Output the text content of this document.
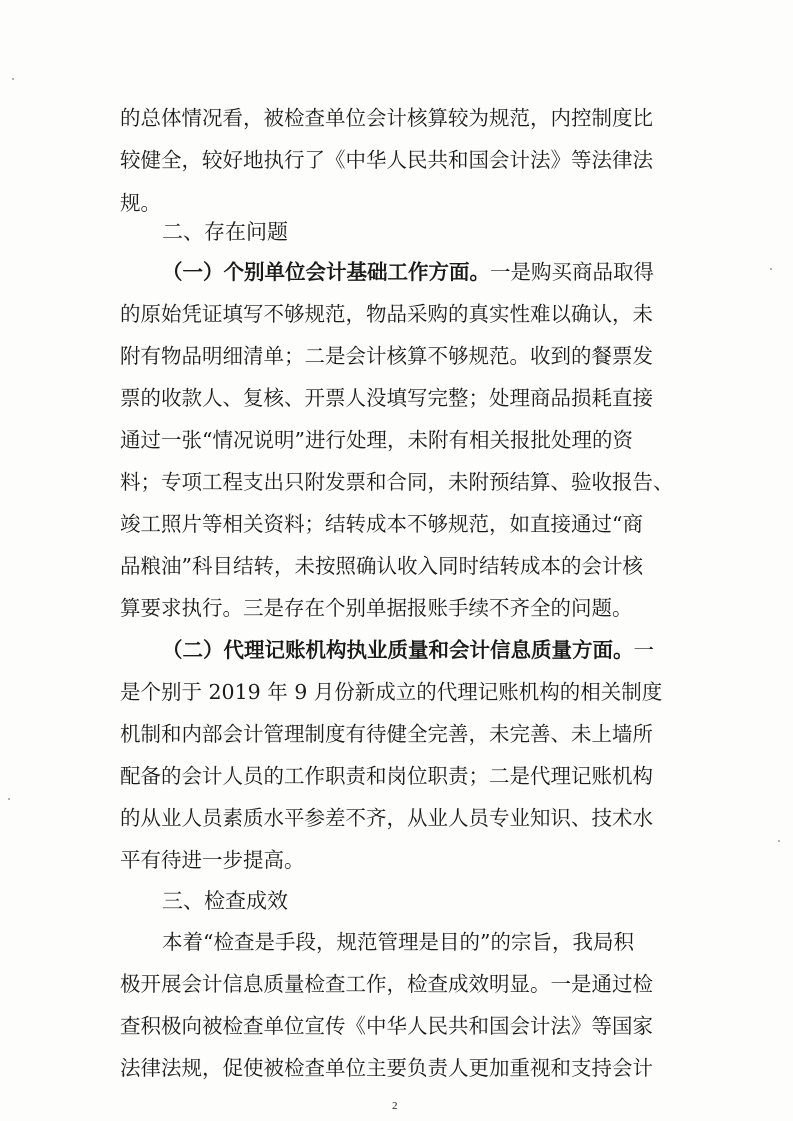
的总体情况看，被检查单位会计核算较为规范，内控制度比
较健全，较好地执行了《中华人民共和国会计法》等法律法
规。
二、存在问题
（一）个别单位会计基础工作方面。一是购买商品取得
的原始凭证填写不够规范，物品采购的真实性难以确认，未
附有物品明细清单；二是会计核算不够规范。收到的餐票发
票的收款人、复核、开票人没填写完整；处理商品损耗直接
通过一张“情况说明”进行处理，未附有相关报批处理的资
料；专项工程支出只附发票和合同，未附预结算、验收报告、
竣工照片等相关资料；结转成本不够规范，如直接通过“商
品粮油”科目结转，未按照确认收入同时结转成本的会计核
算要求执行。三是存在个别单据报账手续不齐全的问题。
（二）代理记账机构执业质量和会计信息质量方面。一
是个别于 2019 年 9 月份新成立的代理记账机构的相关制度
机制和内部会计管理制度有待健全完善，未完善、未上墙所
配备的会计人员的工作职责和岗位职责；二是代理记账机构
的从业人员素质水平参差不齐，从业人员专业知识、技术水
平有待进一步提高。
三、检查成效
本着“检查是手段，规范管理是目的”的宗旨，我局积
极开展会计信息质量检查工作，检查成效明显。一是通过检
查积极向被检查单位宣传《中华人民共和国会计法》等国家
法律法规，促使被检查单位主要负责人更加重视和支持会计
2
